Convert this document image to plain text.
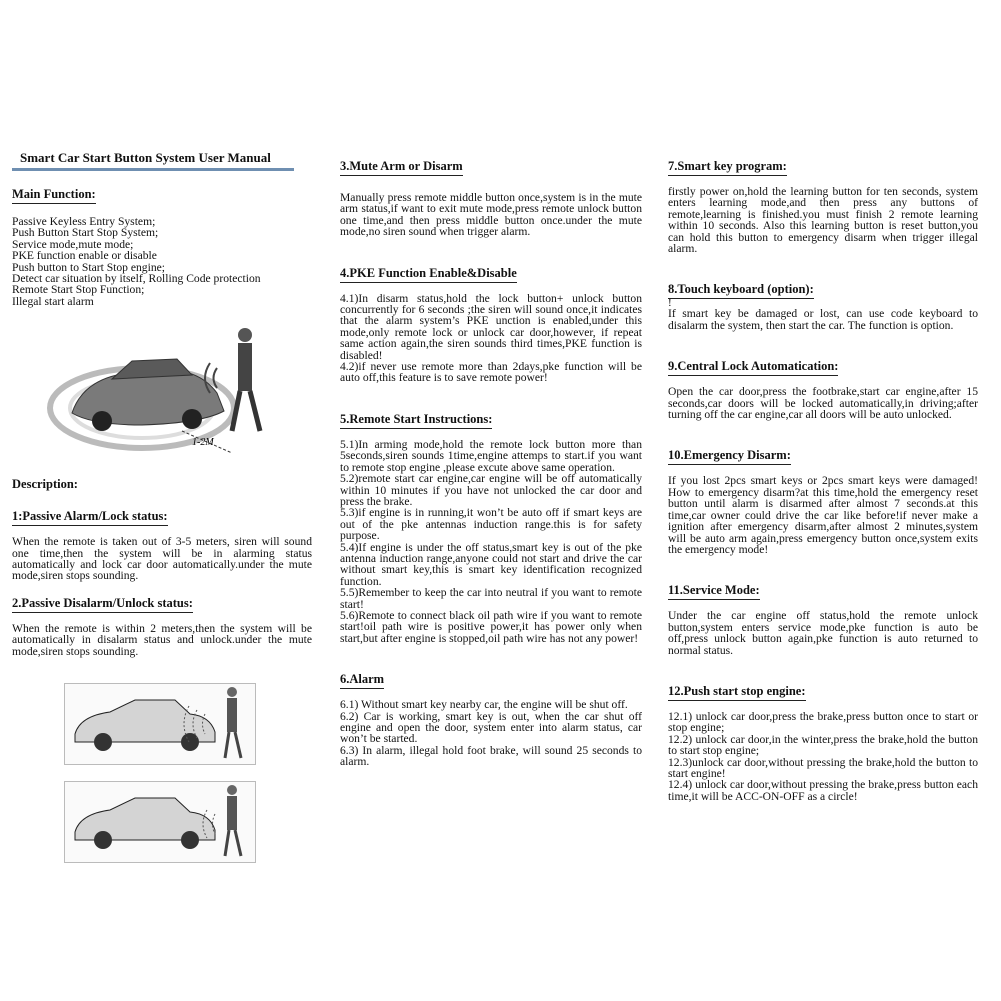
Smart Car Start Button System User Manual
Main Function:
Passive Keyless Entry System;
Push Button Start Stop System;
Service mode,mute mode;
PKE function enable or disable
Push button to Start Stop engine;
Detect car situation by itself, Rolling Code protection
Remote Start Stop Function;
Illegal start alarm
1-2M
Description:
1:Passive Alarm/Lock status:

When the remote is taken out of 3-5 meters, siren will sound one time,then the system will be in alarming status automatically and lock car door automatically.under the mute mode,siren stops sounding.

2.Passive Disalarm/Unlock status:

When the remote is within 2 meters,then the system will be automatically in disalarm status and unlock.under the mute mode,siren stops sounding.

3.Mute Arm or Disarm

Manually press remote middle button once,system is in the mute arm status,if want to exit mute mode,press remote unlock button one time,and then press middle button once.under the mute mode,no siren sound when trigger alarm.

4.PKE Function Enable&Disable

4.1)In disarm status,hold the lock button+ unlock button concurrently for 6 seconds ;the siren will sound once,it indicates that the alarm system’s PKE unction is enabled,under this mode,only remote lock or unlock car door,however, if repeat same action again,the siren sounds third times,PKE function is disabled!

4.2)if never use remote more than 2days,pke function will be auto off,this feature is to save remote power!

5.Remote Start Instructions:

5.1)In arming mode,hold the remote lock button more than 5seconds,siren sounds 1time,engine attemps to start.if you want to remote stop engine ,please excute above same operation.

5.2)remote start car engine,car engine will be off automatically within 10 minutes if you have not unlocked the car door and press the brake.

5.3)if engine is in running,it won’t be auto off if smart keys are out of the pke antennas induction range.this is for safety purpose.

5.4)If engine is under the off status,smart key is out of the pke antenna induction range,anyone could not start and drive the car without smart key,this is smart key identification recognized function.

5.5)Remember to keep the car into neutral if you want to remote start!

5.6)Remote to connect black oil path wire if you want to remote start!oil path wire is positive power,it has power only when start,but after engine is stopped,oil path wire has not any power!

6.Alarm

6.1) Without smart key nearby car, the engine will be shut off.

6.2) Car is working, smart key is out, when the car shut off engine and open the door, system enter into alarm status, car won’t be started.

6.3) In alarm, illegal hold foot brake, will sound 25 seconds to alarm.

7.Smart key program:

firstly power on,hold the learning button for ten seconds, system enters learning mode,and then press any buttons of remote,learning is finished.you must finish 2 remote learning within 10 seconds. Also this learning button is reset button,you can hold this button to emergency disarm when trigger illegal alarm.

8.Touch keyboard (option):
!

If smart key be damaged or lost, can use code keyboard to disalarm the system, then start the car. The function is option.

9.Central Lock Automatication:

Open the car door,press the footbrake,start car engine,after 15 seconds,car doors will be locked automatically,in driving;after turning off the car engine,car all doors will be auto unlocked.

10.Emergency Disarm:

If you lost 2pcs smart keys or 2pcs smart keys were damaged! How to emergency disarm?at this time,hold the emergency reset button until alarm is disarmed after almost 7 seconds.at this time,car owner could drive the car like before!if never make a ignition after emergency disarm,after almost 2 minutes,system will be auto arm again,press emergency button once,system exits the emergency mode!

11.Service Mode:

Under the car engine off status,hold the remote unlock button,system enters service mode,pke function is auto be off,press unlock button again,pke function is auto returned to normal status.

12.Push start stop engine:

12.1) unlock car door,press the brake,press button once to start or stop engine;

12.2) unlock car door,in the winter,press the brake,hold the button to start stop engine;

12.3)unlock car door,without pressing the brake,hold the button to start engine!

12.4) unlock car door,without pressing the brake,press button each time,it will be ACC-ON-OFF as a circle!
